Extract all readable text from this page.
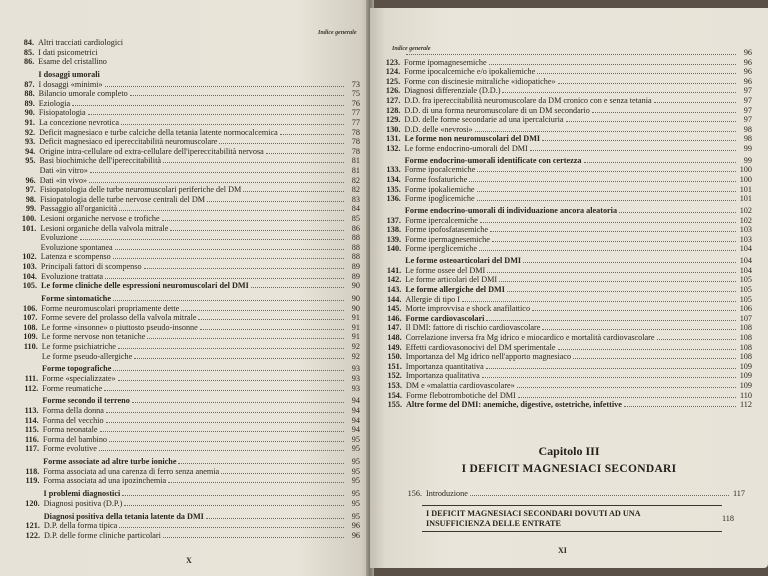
Indice generale
84. Altri tracciati cardiologici
85. I dati psicometrici
86. Esame del cristallino
I dosaggi umorali
87. I dosaggi «minimi»	73
88. Bilancio umorale completo	75
89. Eziologia	76
90. Fisiopatologia	77
91. La concezione nevrotica	77
92. Deficit magnesiaco e turbe calciche della tetania latente normocalcemica	78
93. Deficit magnesiaco ed ipereccitabilità neuromuscolare	78
94. Origine intra-cellulare od extra-cellulare dell'ipereccitabilità nervosa	78
95. Basi biochimiche dell'ipereccitabilità	81
Dati «in vitro»	81
96. Dati «in vivo»	82
97. Fisiopatologia delle turbe neuromuscolari periferiche del DM	82
98. Fisiopatologia delle turbe nervose centrali del DM	83
99. Passaggio all'organicità	84
100. Lesioni organiche nervose e trofiche	85
101. Lesioni organiche della valvola mitrale	86
Evoluzione	88
Evoluzione spontanea	88
102. Latenza e scompenso	88
103. Principali fattori di scompenso	89
104. Evoluzione trattata	89
105. Le forme cliniche delle espressioni neuromuscolari del DMI	90
Forme sintomatiche	90
106. Forme neuromuscolari propriamente dette	90
107. Forme severe del prolasso della valvola mitrale	91
108. Le forme «insonne» o piuttosto pseudo-insonne	91
109. Le forme nervose non tetaniche	91
110. Le forme psichiatriche	92
Le forme pseudo-allergiche	92
Forme topografiche	93
111. Forme «specializzate»	93
112. Forme reumatiche	93
Forme secondo il terreno	94
113. Forma della donna	94
114. Forma del vecchio	94
115. Forma neonatale	94
116. Forma del bambino	95
117. Forme evolutive	95
Forme associate ad altre turbe ioniche	95
118. Forma associata ad una carenza di ferro senza anemia	95
119. Forma associata ad una ipozinchemia	95
I problemi diagnostici	95
120. Diagnosi positiva (D.P.)	95
Diagnosi positiva della tetania latente da DMI	95
121. D.P. della forma tipica	96
122. D.P. delle forme cliniche particolari	96
X
Indice generale	96
123. Forme ipomagnesemiche	96
124. Forme ipocalcemiche e/o ipokaliemiche	96
125. Forme con discinesie mitraliche «idiopatiche»	96
126. Diagnosi differenziale (D.D.)	97
127. D.D. fra ipereccitabilità neuromuscolare da DM cronico con e senza tetania	97
128. D.D. di una forma neuromuscolare di un DM secondario	97
129. D.D. delle forme secondarie ad una ipercalciuria	97
130. D.D. delle «nevrosi»	98
131. Le forme non neuromuscolari del DMI	98
132. Le forme endocrino-umorali del DMI	99
Forme endocrino-umorali identificate con certezza	99
133. Forme ipocalcemiche	100
134. Forme fosfaturiche	100
135. Forme ipokaliemiche	101
136. Forme ipoglicemiche	101
Forme endocrino-umorali di individuazione ancora aleatoria	102
137. Forme ipercalcemiche	102
138. Forme ipofosfatasemiche	103
139. Forme ipermagnesemiche	103
140. Forme iperglicemiche	104
Le forme osteoarticolari del DMI	104
141. Le forme ossee del DMI	104
142. Le forme articolari del DMI	105
143. Le forme allergiche del DMI	105
144. Allergie di tipo I	105
145. Morte improvvisa e shock anafilattico	106
146. Forme cardiovascolari	107
147. Il DMI: fattore di rischio cardiovascolare	108
148. Correlazione inversa fra Mg idrico e miocardico e mortalità cardiovascolare	108
149. Effetti cardiovasonocivi del DM sperimentale	108
150. Importanza del Mg idrico nell'apporto magnesiaco	108
151. Importanza quantitativa	109
152. Importanza qualitativa	109
153. DM e «malattia cardiovascolare»	109
154. Forme flebotrombotiche del DMI	110
155. Altre forme del DMI: anemiche, digestive, ostetriche, infettive	112
Capitolo III
I DEFICIT MAGNESIACI SECONDARI
156. Introduzione	117
I DEFICIT MAGNESIACI SECONDARI DOVUTI AD UNA
INSUFFICIENZA DELLE ENTRATE
118
XI
